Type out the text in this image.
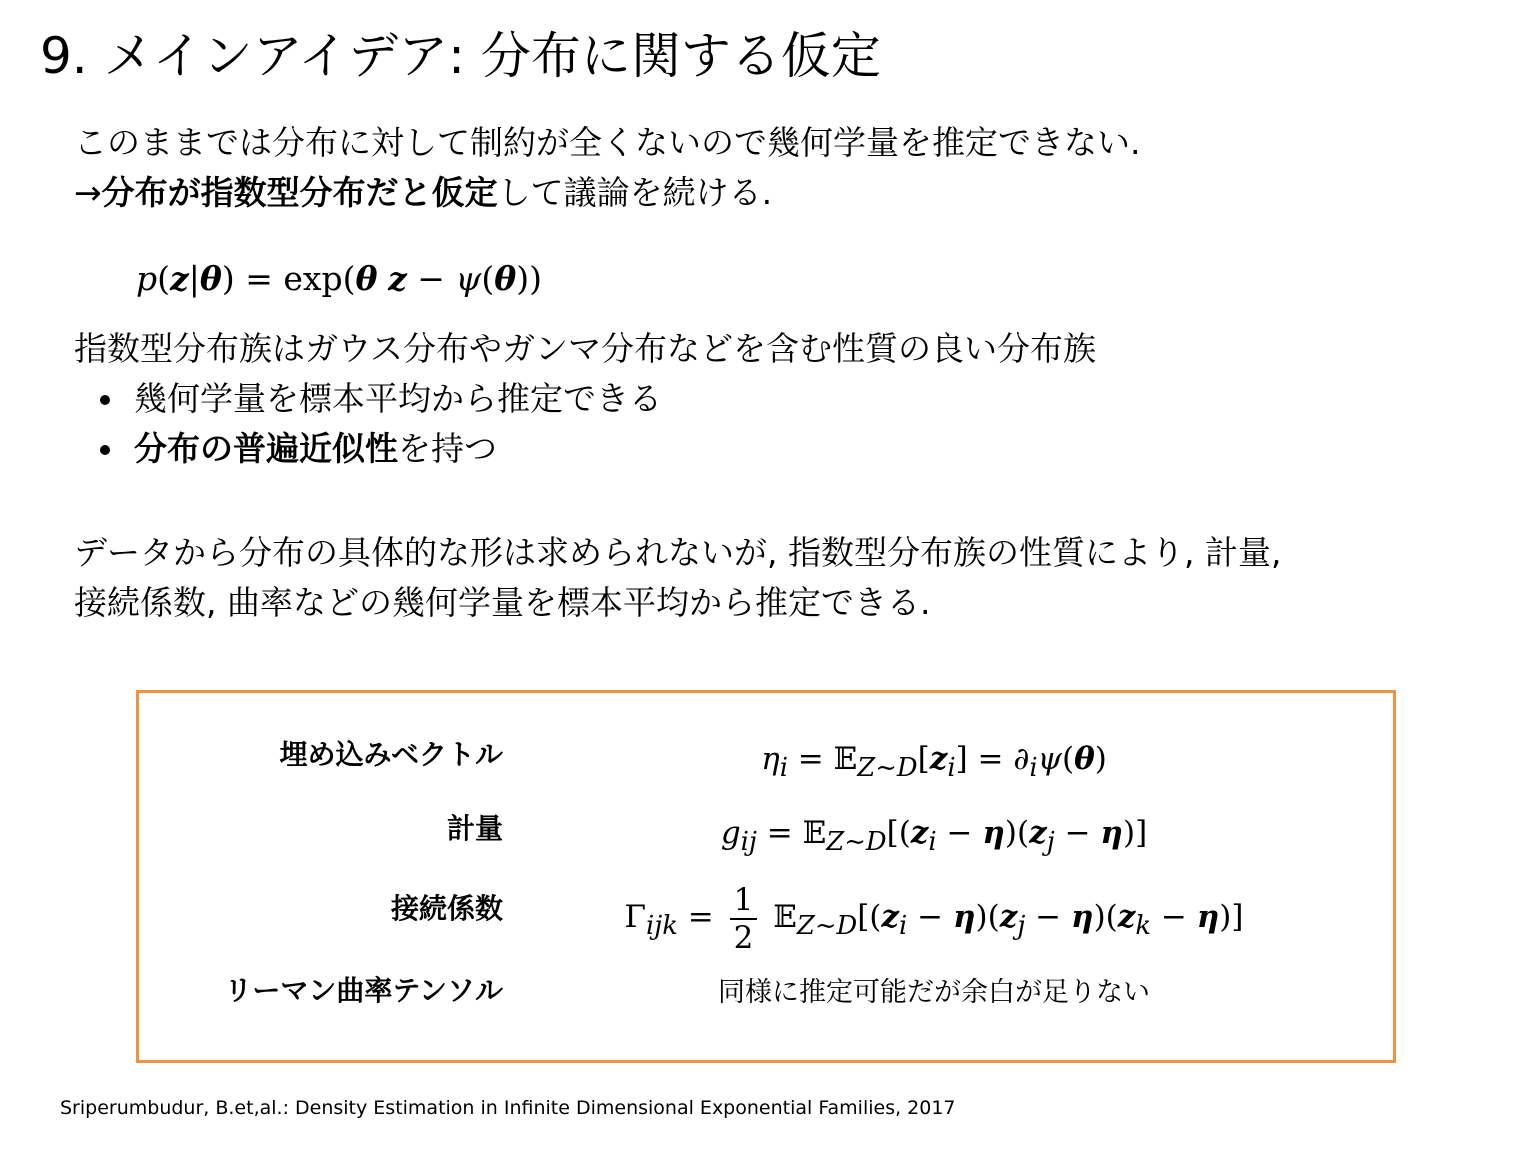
9. メインアイデア: 分布に関する仮定

このままでは分布に対して制約が全くないので幾何学量を推定できない.

→分布が指数型分布だと仮定して議論を続ける.

p(z|θ) = exp(θ z − ψ(θ))

指数型分布族はガウス分布やガンマ分布などを含む性質の良い分布族

幾何学量を標本平均から推定できる
分布の普遍近似性を持つ

データから分布の具体的な形は求められないが, 指数型分布族の性質により, 計量,

接続係数, 曲率などの幾何学量を標本平均から推定できる.

埋め込みベクトル	$\eta_i$ = $𝔼_{Z\sim D}[z_i] = \partial_i\psi(\theta)$
計量	$g_{ij}$ = $𝔼_{Z\sim D}[(z_i - \eta)(z_j - \eta)]$
接続係数	$\Gamma_{ijk} = \frac{1}{2}$ $𝔼_{Z\sim D}[(z_i - \eta)(z_j - \eta)(z_k - \eta)]$
リーマン曲率テンソル	同様に推定可能だが余白が足りない
Sriperumbudur, B.et,al.: Density Estimation in Infinite Dimensional Exponential Families, 2017
